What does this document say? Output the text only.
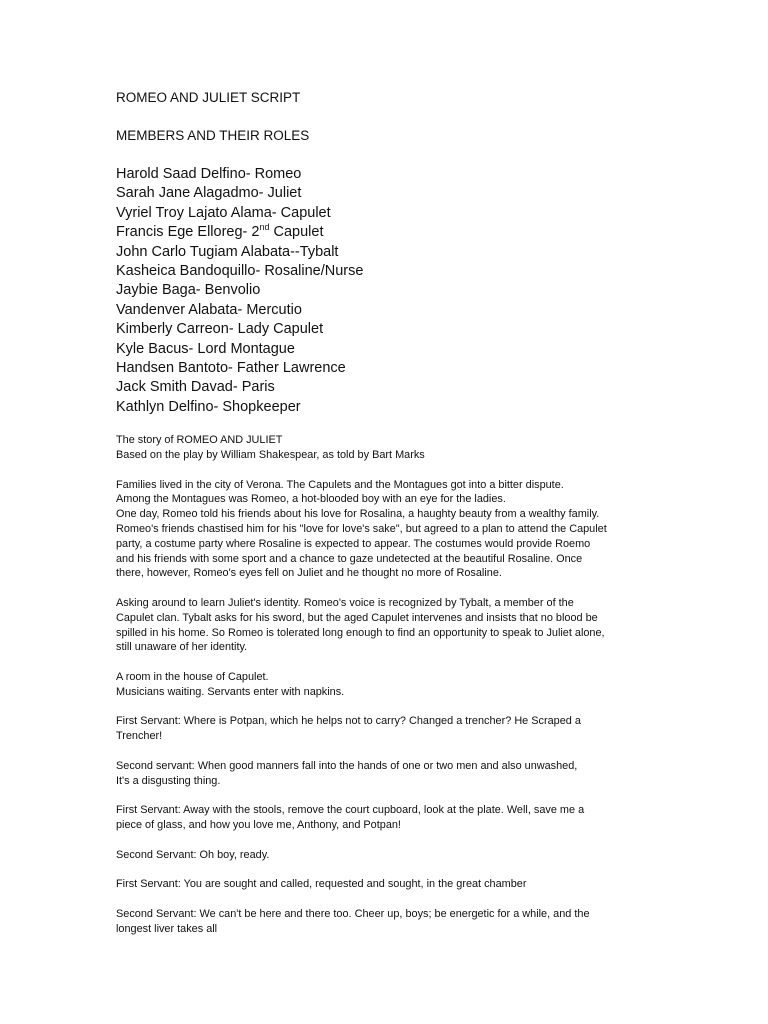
ROMEO AND JULIET SCRIPT

MEMBERS AND THEIR ROLES

Harold Saad Delfino- Romeo
Sarah Jane Alagadmo- Juliet
Vyriel Troy Lajato Alama- Capulet
Francis Ege Elloreg- 2nd Capulet
John Carlo Tugiam Alabata--Tybalt
Kasheica Bandoquillo- Rosaline/Nurse
Jaybie Baga- Benvolio
Vandenver Alabata- Mercutio
Kimberly Carreon- Lady Capulet
Kyle Bacus- Lord Montague
Handsen Bantoto- Father Lawrence
Jack Smith Davad- Paris
Kathlyn Delfino- Shopkeeper
The story of ROMEO AND JULIET
Based on the play by William Shakespear, as told by Bart Marks
Families lived in the city of Verona. The Capulets and the Montagues got into a bitter dispute.
Among the Montagues was Romeo, a hot-blooded boy with an eye for the ladies.
One day, Romeo told his friends about his love for Rosalina, a haughty beauty from a wealthy family.
Romeo's friends chastised him for his "love for love's sake", but agreed to a plan to attend the Capulet
party, a costume party where Rosaline is expected to appear. The costumes would provide Roemo
and his friends with some sport and a chance to gaze undetected at the beautiful Rosaline. Once
there, however, Romeo's eyes fell on Juliet and he thought no more of Rosaline.
Asking around to learn Juliet's identity. Romeo's voice is recognized by Tybalt, a member of the
Capulet clan. Tybalt asks for his sword, but the aged Capulet intervenes and insists that no blood be
spilled in his home. So Romeo is tolerated long enough to find an opportunity to speak to Juliet alone,
still unaware of her identity.
A room in the house of Capulet.
Musicians waiting. Servants enter with napkins.
First Servant: Where is Potpan, which he helps not to carry? Changed a trencher? He Scraped a
Trencher!
Second servant: When good manners fall into the hands of one or two men and also unwashed,
It's a disgusting thing.
First Servant: Away with the stools, remove the court cupboard, look at the plate. Well, save me a
piece of glass, and how you love me, Anthony, and Potpan!
Second Servant: Oh boy, ready.
First Servant: You are sought and called, requested and sought, in the great chamber
Second Servant: We can't be here and there too. Cheer up, boys; be energetic for a while, and the
longest liver takes all
